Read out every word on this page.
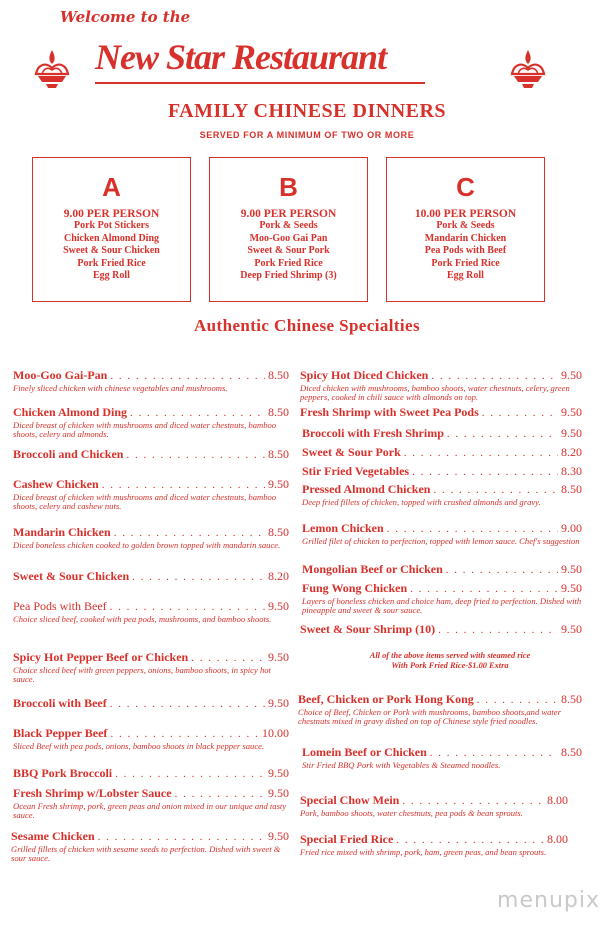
Welcome to the
New Star Restaurant
FAMILY CHINESE DINNERS
SERVED FOR A MINIMUM OF TWO OR MORE
A
9.00 PER PERSON
Pork Pot Stickers
Chicken Almond Ding
Sweet & Sour Chicken
Pork Fried Rice
Egg Roll
B
9.00 PER PERSON
Pork & Seeds
Moo-Goo Gai Pan
Sweet & Sour Pork
Pork Fried Rice
Deep Fried Shrimp (3)
C
10.00 PER PERSON
Pork & Seeds
Mandarin Chicken
Pea Pods with Beef
Pork Fried Rice
Egg Roll
Authentic Chinese Specialties
Moo-Goo Gai-Pan . . .	8.50
Finely sliced chicken with chinese vegetables and mushrooms.
Chicken Almond Ding . . .	8.50
Diced breast of chicken with mushrooms and diced water chestnuts, bamboo shoots, celery and almonds.
Broccoli and Chicken . . .	8.50
Cashew Chicken . . .	9.50
Diced breast of chicken with mushrooms and diced water chestnuts, bamboo shoots, celery and cashew nuts.
Mandarin Chicken . . .	8.50
Diced boneless chicken cooked to golden brown topped with mandarin sauce.
Sweet & Sour Chicken . . .	8.20
Pea Pods with Beef . . .	9.50
Choice sliced beef, cooked with pea pods, mushrooms, and bamboo shoots.
Spicy Hot Pepper Beef or Chicken . . .	9.50
Choice sliced beef with green peppers, onions, bamboo shoots, in spicy hot sauce.
Broccoli with Beef . . .	9.50
Black Pepper Beef . . .	10.00
Sliced Beef with pea pods, onions, bamboo shoots in black pepper sauce.
BBQ Pork Broccoli . . .	9.50
Fresh Shrimp w/Lobster Sauce . . .	9.50
Ocean Fresh shrimp, pork, green peas and onion mixed in our unique and tasty sauce.
Sesame Chicken . . .	9.50
Grilled fillets of chicken with sesame seeds to perfection. Dished with sweet & sour sauce.
Spicy Hot Diced Chicken . . .	9.50
Diced chicken with mushrooms, bamboo shoots, water chestnuts, celery, green peppers, cooked in chili sauce with almonds on top.
Fresh Shrimp with Sweet Pea Pods . . .	9.50
Broccoli with Fresh Shrimp . . .	9.50
Sweet & Sour Pork . . .	8.20
Stir Fried Vegetables . . .	8.30
Pressed Almond Chicken . . .	8.50
Deep fried fillets of chicken, topped with crushed almonds and gravy.
Lemon Chicken . . .	9.00
Grilled filet of chicken to perfection, topped with lemon sauce. Chef's suggestion
Mongolian Beef or Chicken . . .	9.50
Fung Wong Chicken . . .	9.50
Layers of boneless chicken and choice ham, deep fried to perfection. Dished with pineapple and sweet & sour sauce.
Sweet & Sour Shrimp (10) . . .	9.50
All of the above items served with steamed rice
With Pork Fried Rice-$1.00 Extra
Beef, Chicken or Pork Hong Kong . . .	8.50
Choice of Beef, Chicken or Pork with mushrooms, bamboo shoots,and water chestnuts mixed in gravy dished on top of Chinese style fried noodles.
Lomein Beef or Chicken . . .	8.50
Stir Fried BBQ Pork with Vegetables & Steamed noodles.
Special Chow Mein . . .	8.00
Pork, bamboo shoots, water chestnuts, pea pods & bean sprouts.
Special Fried Rice . . .	8.00
Fried rice mixed with shrimp, pork, ham, green peas, and bean sprouts.
menupix
